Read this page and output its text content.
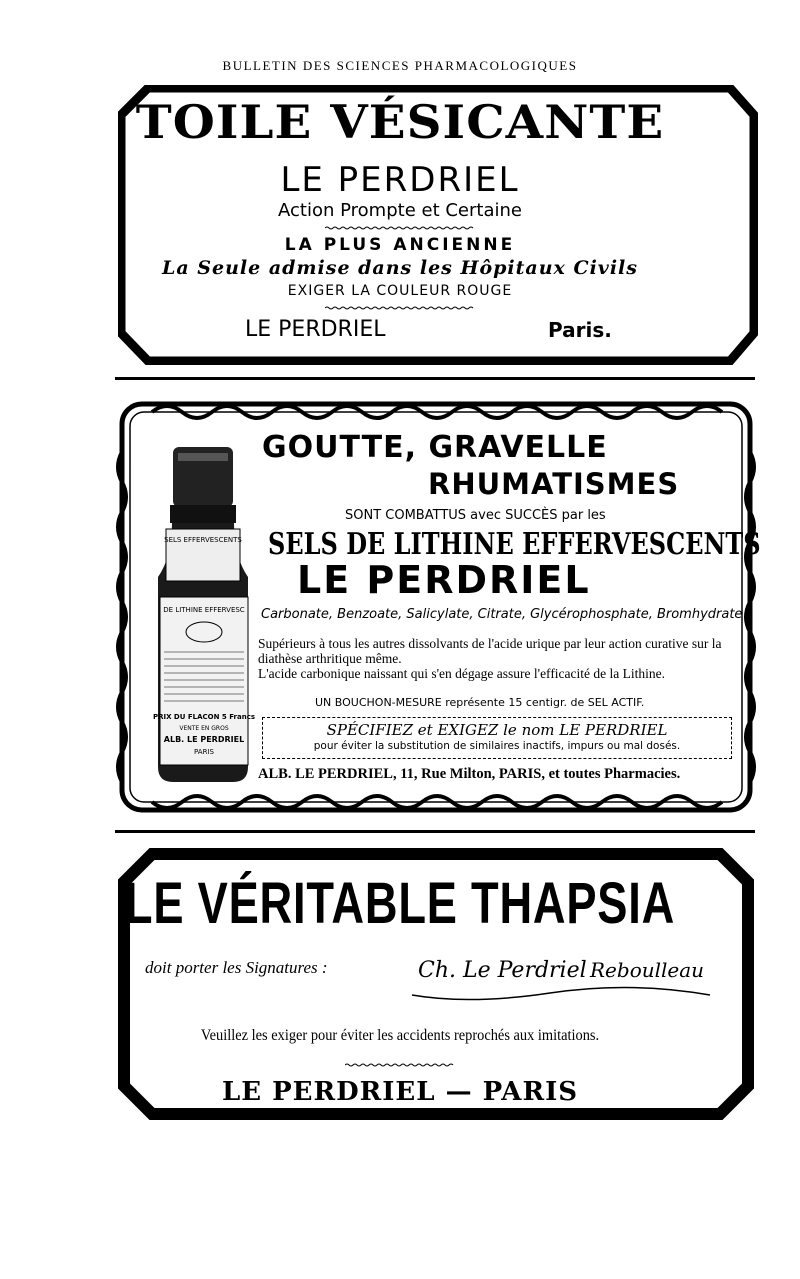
BULLETIN DES SCIENCES PHARMACOLOGIQUES
TOILE VÉSICANTE
LE PERDRIEL
Action Prompte et Certaine
LA PLUS ANCIENNE
La Seule admise dans les Hôpitaux Civils
EXIGER LA COULEUR ROUGE
LE PERDRIEL	Paris.
SELS EFFERVESCENTS
DE LITHINE EFFERVESC
PRIX DU FLACON 5 Francs
VENTE EN GROS
ALB. LE PERDRIEL
PARIS
GOUTTE, GRAVELLE
RHUMATISMES
SONT COMBATTUS avec SUCCÈS par les
SELS DE LITHINE EFFERVESCENTS
LE PERDRIEL
Carbonate, Benzoate, Salicylate, Citrate, Glycérophosphate, Bromhydrate
Supérieurs à tous les autres dissolvants de l'acide urique par leur action curative sur la diathèse arthritique même.
L'acide carbonique naissant qui s'en dégage assure l'efficacité de la Lithine.
UN BOUCHON-MESURE représente 15 centigr. de SEL ACTIF.
SPÉCIFIEZ et EXIGEZ le nom LE PERDRIEL
pour éviter la substitution de similaires inactifs, impurs ou mal dosés.
ALB. LE PERDRIEL, 11, Rue Milton, PARIS, et toutes Pharmacies.
LE VÉRITABLE THAPSIA
doit porter les Signatures :	Ch. Le Perdriel Reboulleau
Veuillez les exiger pour éviter les accidents reprochés aux imitations.
LE PERDRIEL — PARIS
